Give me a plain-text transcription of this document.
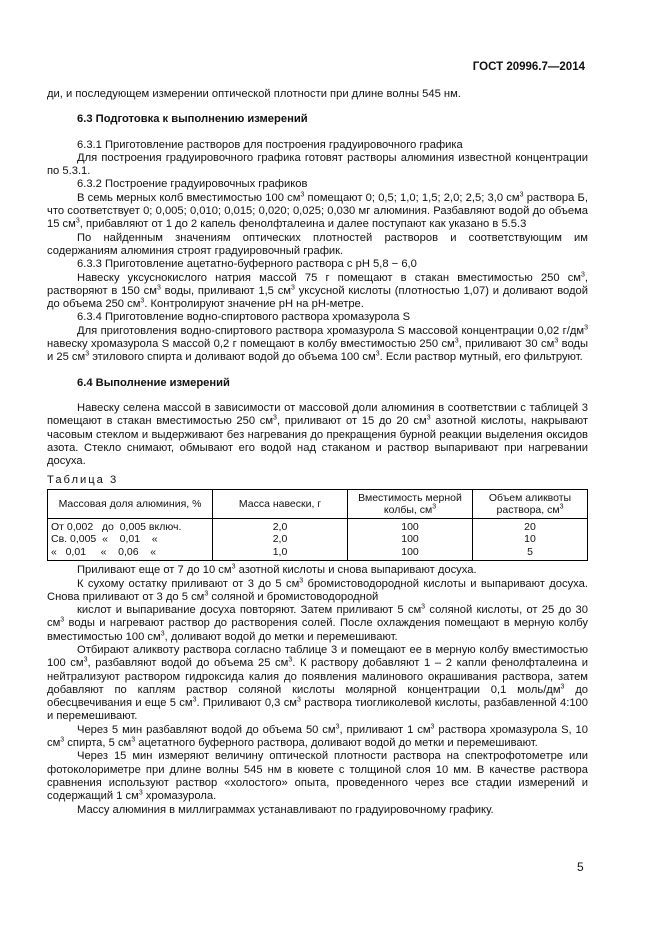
ГОСТ 20996.7—2014

ди, и последующем измерении оптической плотности при длине волны 545 нм.

6.3 Подготовка к выполнению измерений

6.3.1 Приготовление растворов для построения градуировочного графика

Для построения градуировочного графика готовят растворы алюминия известной концентрации по 5.3.1.

6.3.2 Построение градуировочных графиков

В семь мерных колб вместимостью 100 $см^3$ помещают 0; 0,5; 1,0; 1,5; 2,0; 2,5; 3,0 $см^3$ раствора Б, что соответствует 0; 0,005; 0,010; 0,015; 0,020; 0,025; 0,030 мг алюминия. Разбавляют водой до объема 15 $см^3$, прибавляют от 1 до 2 капель фенолфталеина и далее поступают как указано в 5.5.3

По найденным значениям оптических плотностей растворов и соответствующим им содержаниям алюминия строят градуировочный график.

6.3.3 Приготовление ацетатно-буферного раствора с pH 5,8 − 6,0

Навеску уксуснокислого натрия массой 75 г помещают в стакан вместимостью 250 $см^3$, растворяют в 150 $см^3$ воды, приливают 1,5 $см^3$ уксусной кислоты (плотностью 1,07) и доливают водой до объема 250 $см^3$. Контролируют значение pH на pH-метре.

6.3.4 Приготовление водно-спиртового раствора хромазурола S

Для приготовления водно-спиртового раствора хромазурола S массовой концентрации 0,02 $г/дм^3$ навеску хромазурола S массой 0,2 г помещают в колбу вместимостью 250 $см^3$, приливают 30 $см^3$ воды и 25 $см^3$ этилового спирта и доливают водой до объема 100 $см^3$. Если раствор мутный, его фильтруют.

6.4 Выполнение измерений

Навеску селена массой в зависимости от массовой доли алюминия в соответствии с таблицей 3 помещают в стакан вместимостью 250 $см^3$, приливают от 15 до 20 $см^3$ азотной кислоты, накрывают часовым стеклом и выдерживают без нагревания до прекращения бурной реакции выделения оксидов азота. Стекло снимают, обмывают его водой над стаканом и раствор выпаривают при нагревании досуха.

Таблица 3
Массовая доля алюминия, %	Масса навески, г	Вместимость мерной колбы, $см^3$	Объем аликвоты раствора, $см^3$
От 0,002   до  0,005 включ.	2,0	100	20
Св. 0,005  «    0,01    «	2,0	100	10
«   0,01     «    0,06    «	1,0	100	5

Приливают еще от 7 до 10 $см^3$ азотной кислоты и снова выпаривают досуха.

К сухому остатку приливают от 3 до 5 $см^3$ бромистоводородной кислоты и выпаривают досуха. Снова приливают от 3 до 5 $см^3$ соляной и бромистоводородной

кислот и выпаривание досуха повторяют. Затем приливают 5 $см^3$ соляной кислоты, от 25 до 30 $см^3$ воды и нагревают раствор до растворения солей. После охлаждения помещают в мерную колбу вместимостью 100 $см^3$, доливают водой до метки и перемешивают.

Отбирают аликвоту раствора согласно таблице 3 и помещают ее в мерную колбу вместимостью 100 $см^3$, разбавляют водой до объема 25 $см^3$. К раствору добавляют 1 – 2 капли фенолфталеина и нейтрализуют раствором гидроксида калия до появления малинового окрашивания раствора, затем добавляют по каплям раствор соляной кислоты молярной концентрации 0,1 моль/$дм^3$ до обесцвечивания и еще 5 $см^3$. Приливают 0,3 $см^3$ раствора тиогликолевой кислоты, разбавленной 4:100 и перемешивают.

Через 5 мин разбавляют водой до объема 50 $см^3$, приливают 1 $см^3$ раствора хромазурола S, 10 $см^3$ спирта, 5 $см^3$ ацетатного буферного раствора, доливают водой до метки и перемешивают.

Через 15 мин измеряют величину оптической плотности раствора на спектрофотометре или фотоколориметре при длине волны 545 нм в кювете с толщиной слоя 10 мм. В качестве раствора сравнения используют раствор «холостого» опыта, проведенного через все стадии измерений и содержащий 1 $см^3$ хромазурола.

Массу алюминия в миллиграммах устанавливают по градуировочному графику.

5
